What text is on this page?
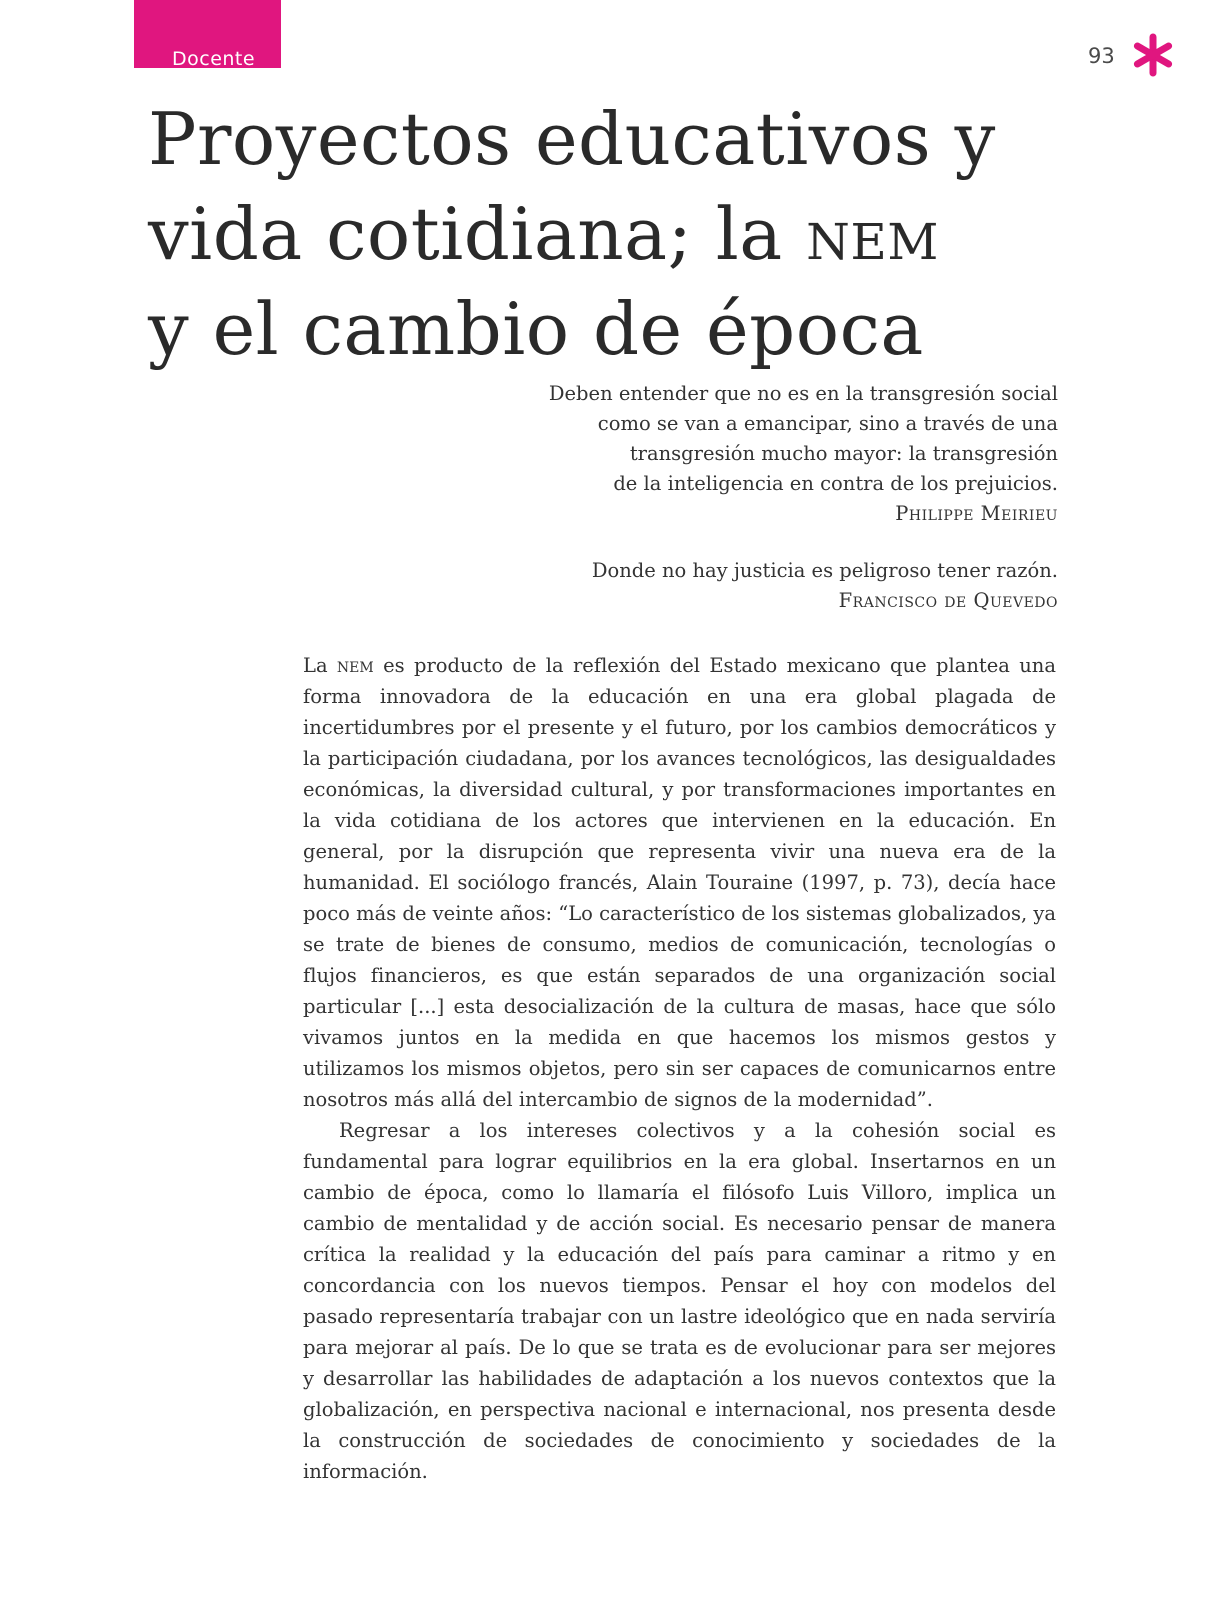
Docente	93
Proyectos educativos y
vida cotidiana; la nem
y el cambio de época

Deben entender que no es en la transgresión social

como se van a emancipar, sino a través de una

transgresión mucho mayor: la transgresión

de la inteligencia en contra de los prejuicios.

Philippe Meirieu

Donde no hay justicia es peligroso tener razón.

Francisco de Quevedo

La nem es producto de la reflexión del Estado mexicano que plantea una forma innovadora de la educación en una era global plagada de incertidumbres por el presente y el futuro, por los cambios democráticos y la participación ciudadana, por los avances tecnológicos, las desigualdades económicas, la diversidad cultural, y por transformaciones importantes en la vida cotidiana de los actores que intervienen en la educación. En general, por la disrupción que representa vivir una nueva era de la humanidad. El sociólogo francés, Alain Touraine (1997, p. 73), decía hace poco más de veinte años: “Lo característico de los sistemas globalizados, ya se trate de bienes de consumo, medios de comunicación, tecnologías o flujos financieros, es que están separados de una organización social particular [...] esta desocialización de la cultura de masas, hace que sólo vivamos juntos en la medida en que hacemos los mismos gestos y utilizamos los mismos objetos, pero sin ser capaces de comunicarnos entre nosotros más allá del intercambio de signos de la modernidad”.

Regresar a los intereses colectivos y a la cohesión social es fundamental para lograr equilibrios en la era global. Insertarnos en un cambio de época, como lo llamaría el filósofo Luis Villoro, implica un cambio de mentalidad y de acción social. Es necesario pensar de manera crítica la realidad y la educación del país para caminar a ritmo y en concordancia con los nuevos tiempos. Pensar el hoy con modelos del pasado representaría trabajar con un lastre ideológico que en nada serviría para mejorar al país. De lo que se trata es de evolucionar para ser mejores y desarrollar las habilidades de adaptación a los nuevos contextos que la globalización, en perspectiva nacional e internacional, nos presenta desde la construcción de sociedades de conocimiento y sociedades de la información.
